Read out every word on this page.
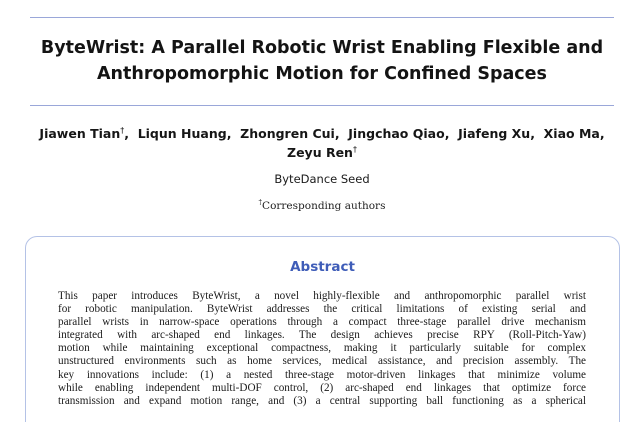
ByteWrist: A Parallel Robotic Wrist Enabling Flexible and
Anthropomorphic Motion for Confined Spaces
Jiawen Tian†,  Liqun Huang,  Zhongren Cui,  Jingchao Qiao,  Jiafeng Xu,  Xiao Ma,
Zeyu Ren†
ByteDance Seed
†Corresponding authors
Abstract
This paper introduces ByteWrist, a novel highly-flexible and anthropomorphic parallel wrist
for robotic manipulation. ByteWrist addresses the critical limitations of existing serial and
parallel wrists in narrow-space operations through a compact three-stage parallel drive mechanism
integrated with arc-shaped end linkages. The design achieves precise RPY (Roll-Pitch-Yaw)
motion while maintaining exceptional compactness, making it particularly suitable for complex
unstructured environments such as home services, medical assistance, and precision assembly. The
key innovations include: (1) a nested three-stage motor-driven linkages that minimize volume
while enabling independent multi-DOF control, (2) arc-shaped end linkages that optimize force
transmission and expand motion range, and (3) a central supporting ball functioning as a spherical
